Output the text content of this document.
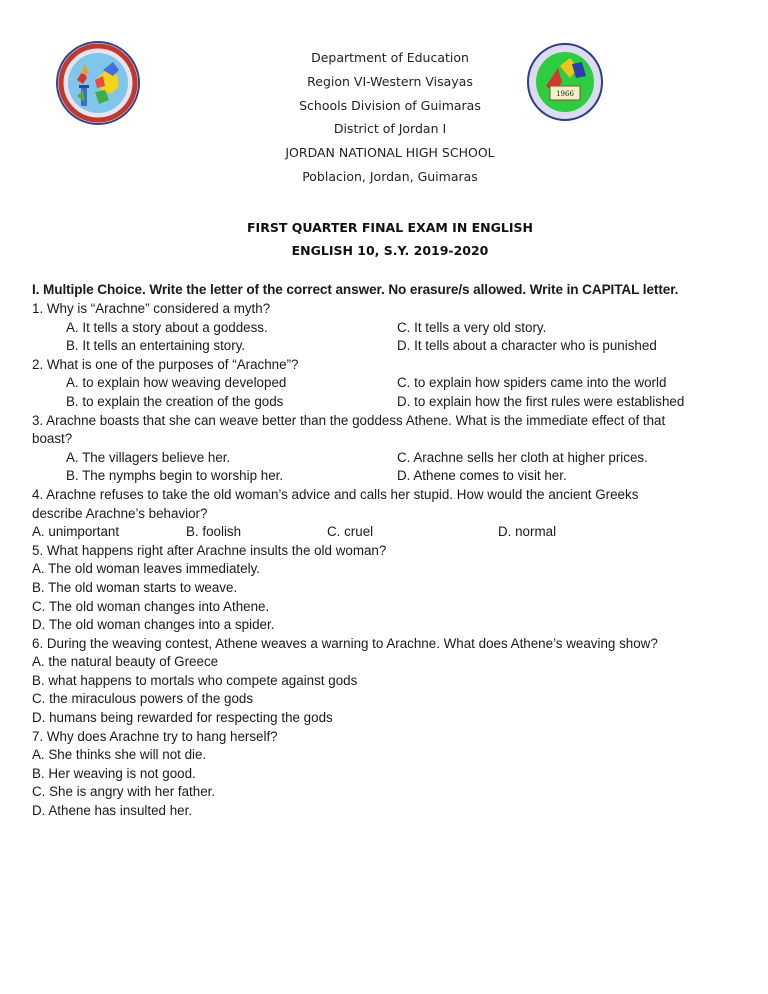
1966
Department of Education
Region VI-Western Visayas
Schools Division of Guimaras
District of Jordan I
JORDAN NATIONAL HIGH SCHOOL
Poblacion, Jordan, Guimaras
FIRST QUARTER FINAL EXAM IN ENGLISH
ENGLISH 10, S.Y. 2019-2020
I. Multiple Choice. Write the letter of the correct answer. No erasure/s allowed. Write in CAPITAL letter.
1. Why is “Arachne” considered a myth?
A. It tells a story about a goddess.	C. It tells a very old story.
B. It tells an entertaining story.	D. It tells about a character who is punished
2. What is one of the purposes of “Arachne”?
A. to explain how weaving developed	C. to explain how spiders came into the world
B. to explain the creation of the gods	D. to explain how the first rules were established
3. Arachne boasts that she can weave better than the goddess Athene. What is the immediate effect of that
boast?
A. The villagers believe her.	C. Arachne sells her cloth at higher prices.
B. The nymphs begin to worship her.	D. Athene comes to visit her.
4. Arachne refuses to take the old woman’s advice and calls her stupid. How would the ancient Greeks
describe Arachne’s behavior?
A. unimportant	B. foolish	C. cruel	D. normal
5. What happens right after Arachne insults the old woman?
A. The old woman leaves immediately.
B. The old woman starts to weave.
C. The old woman changes into Athene.
D. The old woman changes into a spider.
6. During the weaving contest, Athene weaves a warning to Arachne. What does Athene’s weaving show?
A. the natural beauty of Greece
B. what happens to mortals who compete against gods
C. the miraculous powers of the gods
D. humans being rewarded for respecting the gods
7. Why does Arachne try to hang herself?
A. She thinks she will not die.
B. Her weaving is not good.
C. She is angry with her father.
D. Athene has insulted her.
